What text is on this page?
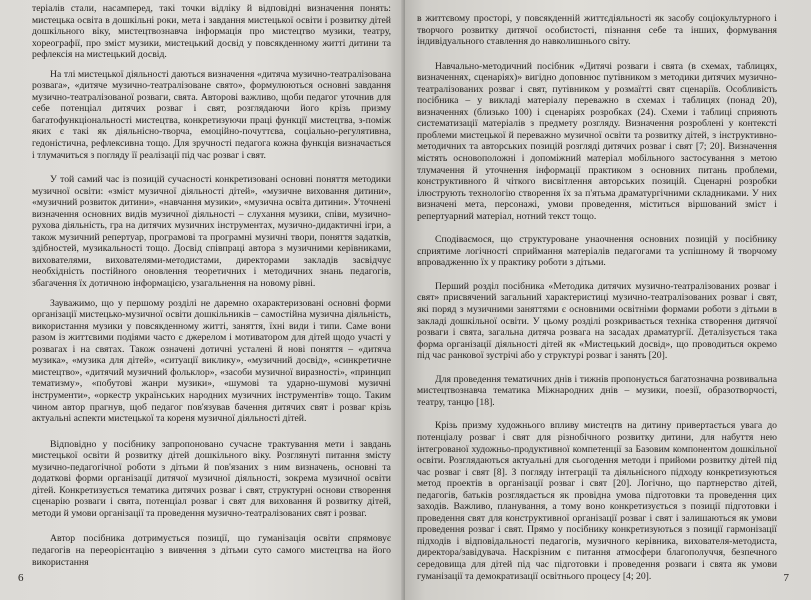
терiалiв стали, насамперед, такi точки вiдлiку й вiдповiднi визначення понять: мистецька освiта в дошкiльнi роки, мета i завдання мистецької освiти i розвитку дiтей дошкiльного вiку, мистецтвознавча iнформацiя про мистецтво музики, театру, хореографiї, про змiст музики, мистецький досвiд у повсякденному життi дитини та рефлексiя на мистецький досвiд.

На тлi мистецької дiяльностi даються визначення «дитяча музично-театралiзована розвага», «дитяче музично-театралiзоване свято», формулюються основнi завдання музично-театралiзованої розваги, свята. Авторовi важливо, щоби педагог уточнив для себе потенцiал дитячих розваг i свят, розглядаючи його крiзь призму багатофункцiональностi мистецтва, конкретизуючи працi функцiї мистецтва, з-помiж яких є такi як дiяльнiсно-творча, емоцiйно-почуттєва, соцiально-регулятивна, гедонiстична, рефлексивна тощо. Для зручностi педагога кожна функцiя визначається i тлумачиться з погляду її реалiзацiї пiд час розваг i свят.

У той самий час iз позицiй сучасностi конкретизованi основнi поняття методики музичної освiти: «змiст музичної дiяльностi дiтей», «музичне виховання дитини», «музичний розвиток дитини», «навчання музики», «музична освiта дитини». Уточненi визначення основних видiв музичної дiяльностi – слухання музики, спiви, музично-рухова дiяльнiсть, гра на дитячих музичних iнструментах, музично-дидактичнi iгри, а також музичний репертуар, програмовi та програмнi музичнi твори, поняття задаткiв, здiбностей, музикальностi тощо. Досвiд спiвпрацi автора з музичними керiвниками, вихователями, вихователями-методистами, директорами закладiв засвiдчує необхiднiсть постiйного оновлення теоретичних i методичних знань педагогiв, збагачення їх дотичною iнформацiєю, узагальнення на новому рiвнi.

Зауважимо, що у першому роздiлi не даремно охарактеризованi основнi форми органiзацiї мистецько-музичної освiти дошкiльникiв – самостiйна музична дiяльнiсть, використання музики у повсякденному життi, заняття, їхнi види i типи. Саме вони разом iз життєвими подiями часто є джерелом i мотиватором для дiтей щодо участi у розвагах i на святах. Також означенi дотичнi усталенi й новi поняття – «дитяча музика», «музика для дiтей», «ситуацiї виклику», «музичний досвiд», «синкретичне мистецтво», «дитячий музичний фольклор», «засоби музичної виразностi», «принцип тематизму», «побутовi жанри музики», «шумовi та ударно-шумовi музичнi iнструменти», «оркестр українських народних музичних iнструментiв» тощо. Таким чином автор прагнув, щоб педагог пов'язував бачення дитячих свят i розваг крiзь актуальнi аспекти мистецької та кореня музичної дiяльностi дiтей.

Вiдповiдно у посiбнику запропоновано сучасне трактування мети i завдань мистецької освiти й розвитку дiтей дошкiльного вiку. Розглянутi питання змiсту музично-педагогiчної роботи з дiтьми й пов'язаних з ним визначень, основнi та додатковi форми органiзацiї дитячої музичної дiяльностi, зокрема музичної освiти дiтей. Конкретизується тематика дитячих розваг i свят, структурнi основи створення сценарiю розваги i свята, потенцiал розваг i свят для виховання й розвитку дiтей, методи й умови органiзацiї та проведення музично-театралiзованих свят i розваг.

Автор посiбника дотримується позицiї, що гуманiзацiя освiти спрямовує педагогiв на переорiєнтацiю з вивчення з дiтьми суто самого мистецтва на його використання

6

в життєвому просторi, у повсякденнiй життєдiяльностi як засобу соцiокультурного i творчого розвитку дитячої особистостi, пiзнання себе та iнших, формування iндивiдуального ставлення до навколишнього свiту.

Навчально-методичний посiбник «Дитячi розваги i свята (в схемах, таблицях, визначеннях, сценарiях)» вигiдно доповнює путiвником з методики дитячих музично-театралiзованих розваг i свят, путiвником у розмаїттi свят сценарiїв. Особливiсть посiбника – у викладi матерiалу переважно в схемах i таблицях (понад 20), визначеннях (близько 100) i сценарiях розробках (24). Схеми i таблицi сприяють систематизацiї матерiалiв з предмету розгляду. Визначення розробленi у контекстi проблеми мистецької й переважно музичної освiти та розвитку дiтей, з iнструктивно-методичних та авторських позицiй розглядi дитячих розваг i свят [7; 20]. Визначення мiстять основоположнi i допомiжний матерiал мобiльного застосування з метою тлумачення й уточнення iнформацiї практиком з основних питань проблеми, конструктивного й чiткого висвiтлення авторських позицiй. Сценарнi розробки iлюструють технологiю створення їх за п'ятьма драматургiчними складниками. У них визначенi мета, персонажi, умови проведення, мiститься вiршований змiст i репертуарний матерiал, нотний текст тощо.

Сподiваємося, що структуроване унаочнення основних позицiй у посiбнику сприятиме логiчностi сприймання матерiалiв педагогами та успiшному й творчому впровадженню їх у практику роботи з дiтьми.

Перший роздiл посiбника «Методика дитячих музично-театралiзованих розваг i свят» присвячений загальний характеристицi музично-театралiзованих розваг i свят, якi поряд з музичними заняттями є основними освiтнiми формами роботи з дiтьми в закладi дошкiльної освiти. У цьому роздiлi розкривається технiка створення дитячої розваги i свята, загальна дитяча розвага на засадах драматургiї. Деталiзується така форма органiзацiї дiяльностi дiтей як «Мистецький досвiд», що проводиться окремо пiд час ранкової зустрiчi або у структурi розваг i занять [20].

Для проведення тематичних днiв i тижнiв пропонується багатозначна розвивальна мистецтвознавча тематика Мiжнародних днiв – музики, поезiї, образотворчостi, театру, танцю [18].

Крiзь призму художнього впливу мистецтв на дитину привертається увага до потенцiалу розваг i свят для рiзнобiчного розвитку дитини, для набуття нею iнтегрованої художньо-продуктивної компетенцiї за Базовим компонентом дошкiльної освiти. Розглядаються актуальнi для сьогодення методи i прийоми розвитку дiтей пiд час розваг i свят [8]. З погляду iнтеграцiї та дiяльнiсного пiдходу конкретизуються метод проектiв в органiзацiї розваг i свят [20]. Логiчно, що партнерство дiтей, педагогiв, батькiв розглядається як провiдна умова пiдготовки та проведення цих заходiв. Важливо, планування, а тому воно конкретизується з позицiї пiдготовки i проведення свят для конструктивної органiзацiї розваг i свят i залишаються як умови проведення розваг i свят. Прямо у посiбнику конкретизуються з позицiї гармонiзацiї пiдходiв i вiдповiдальностi педагогiв, музичного керiвника, вихователя-методиста, директора/завiдувача. Наскрiзним є питання атмосфери благополуччя, безпечного середовища для дiтей пiд час пiдготовки i проведення розваги i свята як умови гуманiзацiї та демократизацiї освiтнього процесу [4; 20].	7
